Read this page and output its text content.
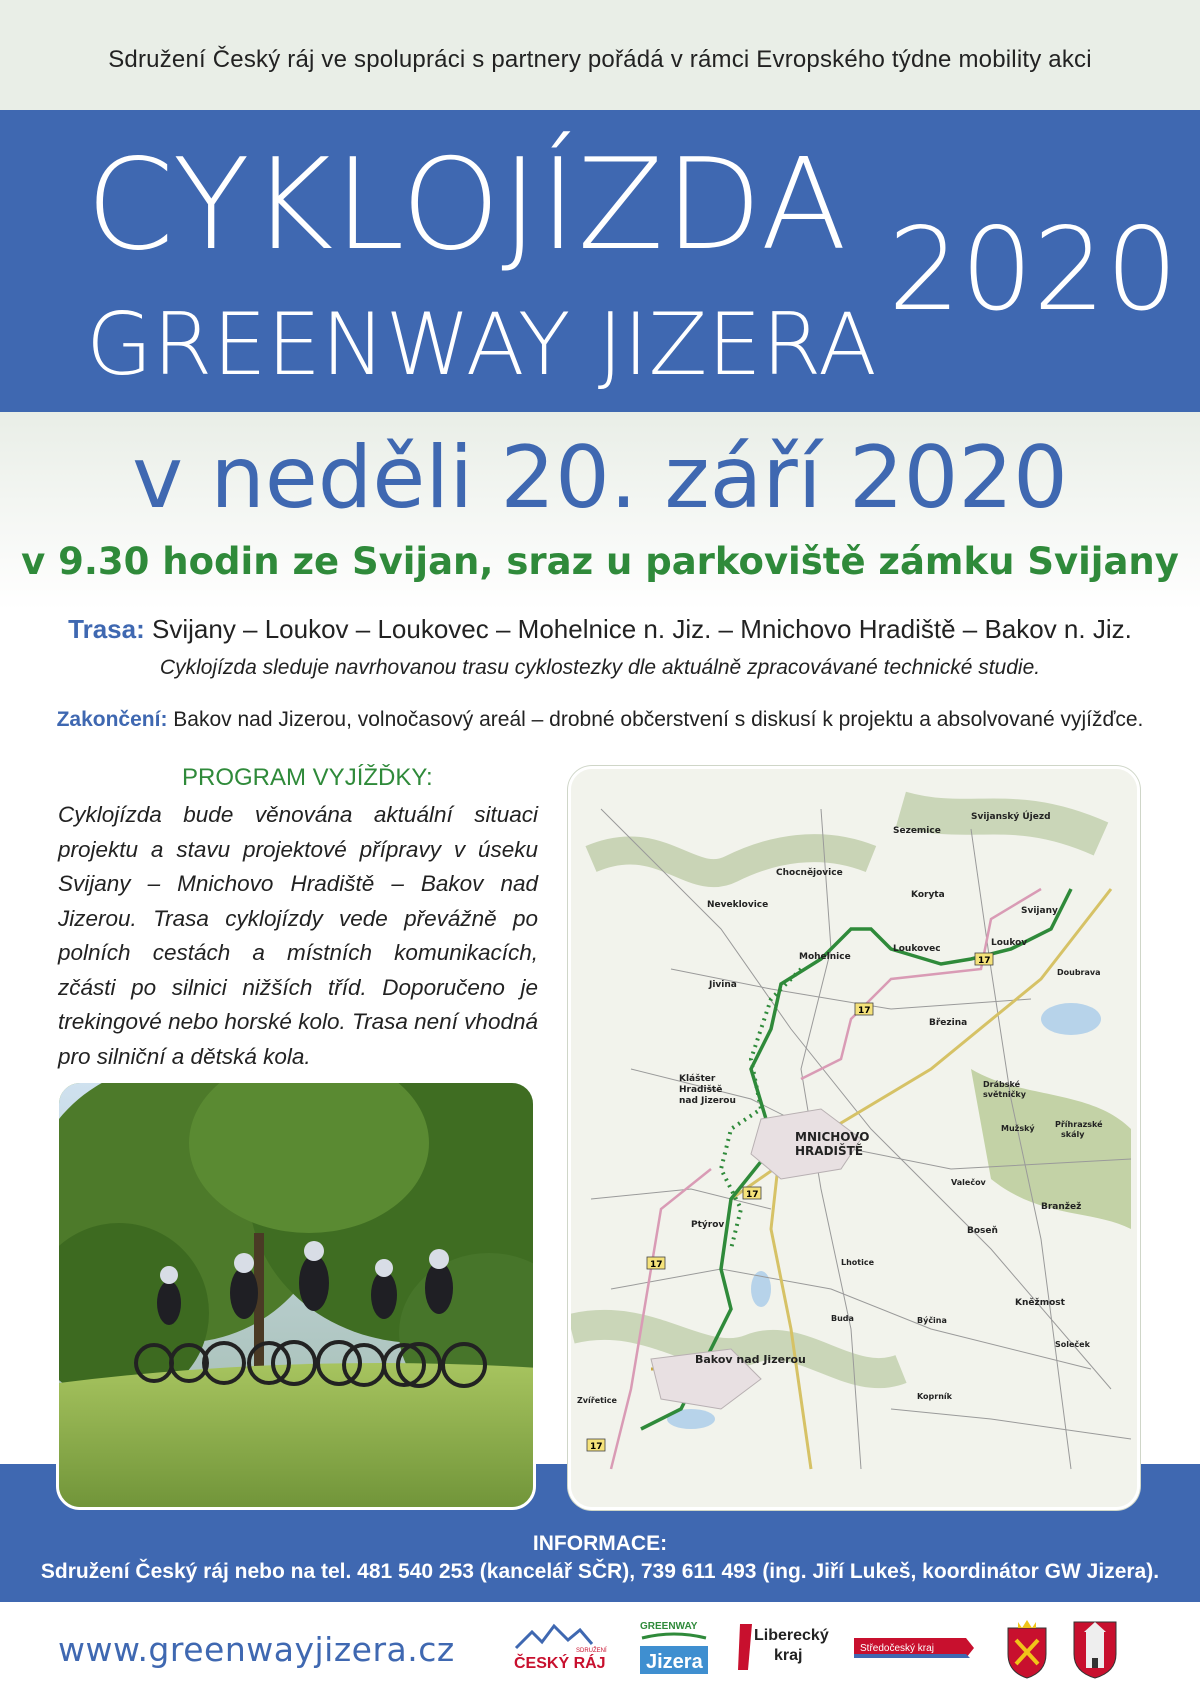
Sdružení Český ráj ve spolupráci s partnery pořádá v rámci Evropského týdne mobility akci
CYKLOJÍZDA
GREENWAY JIZERA
2020
v neděli 20. září 2020
v 9.30 hodin ze Svijan, sraz u parkoviště zámku Svijany
Trasa: Svijany – Loukov – Loukovec – Mohelnice n. Jiz. – Mnichovo Hradiště – Bakov n. Jiz.
Cyklojízda sleduje navrhovanou trasu cyklostezky dle aktuálně zpracovávané technické studie.
Zakončení: Bakov nad Jizerou, volnočasový areál – drobné občerstvení s diskusí k projektu a absolvované vyjížďce.
PROGRAM VYJÍŽĎKY:
Cyklojízda bude věnována aktuální situaci projektu a stavu projektové přípravy v úseku Svijany – Mnichovo Hradiště – Bakov nad Jizerou. Trasa cyklojízdy vede převážně po polních cestách a místních komunikacích, zčásti po silnici nižších tříd. Doporučeno je trekingové nebo horské kolo. Trasa není vhodná pro silniční a dětská kola.
INFORMACE:
Sdružení Český ráj nebo na tel. 481 540 253 (kancelář SČR), 739 611 493 (ing. Jiří Lukeš, koordinátor GW Jizera).
Sezemice
Svijanský Újezd
Chocnějovice
Koryta
Neveklovice
Svijany
Mohelnice
Loukovec
Loukov
Doubrava
Jivina
Březina
Klášter
Hradiště
nad Jizerou
Drábské
světničky
MNICHOVO
HRADIŠTĚ
Mužský	Příhrazské
skály
Valečov
Branžež
Ptýrov
Boseň
Lhotice
Kněžmost
Buda	Býčina
Bakov nad Jizerou
Soleček
Zvířetice	Koprník
17
17
17
17
17
www.greenwayjizera.cz	SDRUŽENÍ
ČESKÝ RÁJ
GREENWAY
Jizera
Liberecký
kraj	Středočeský kraj
